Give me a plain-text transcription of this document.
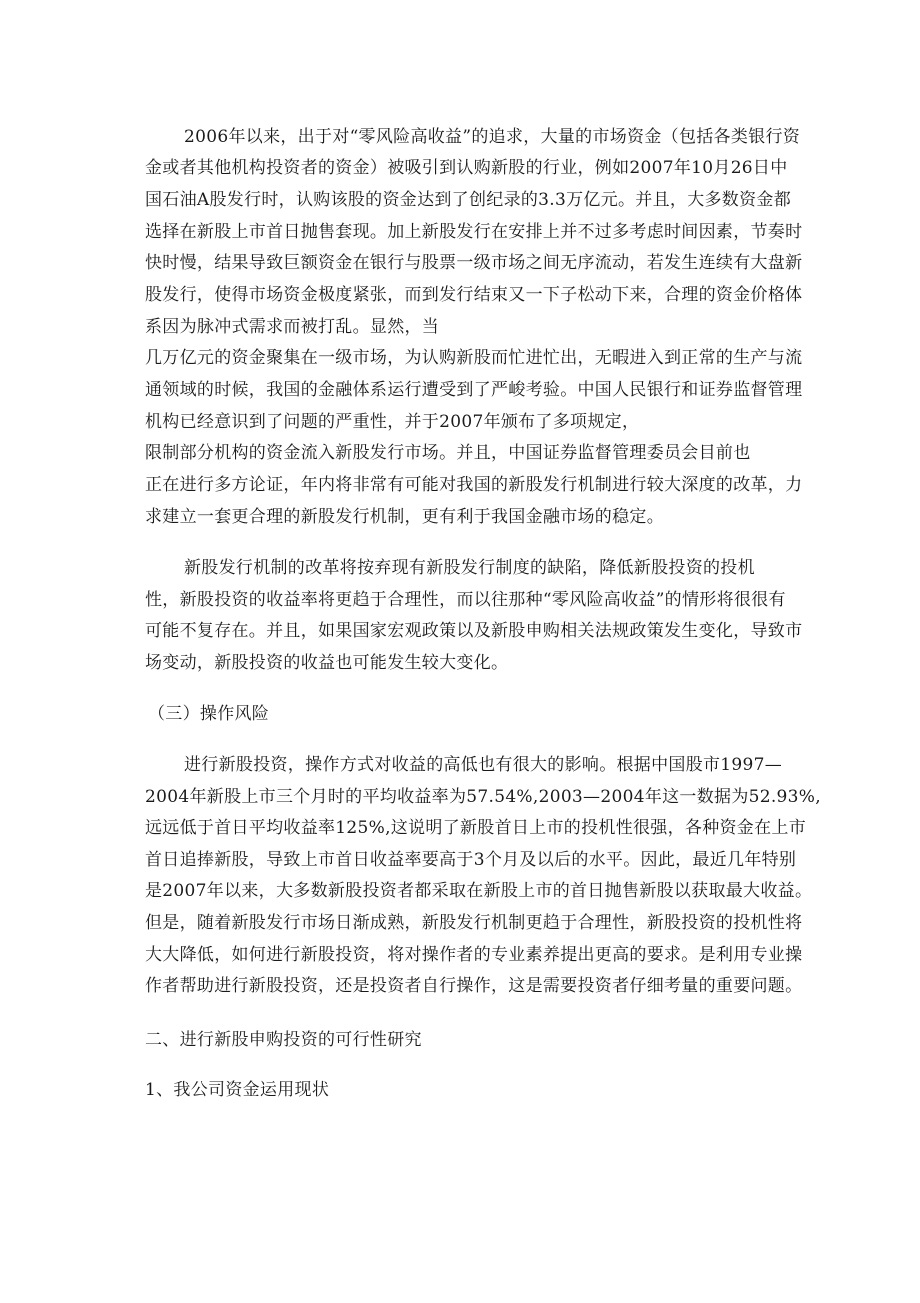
2006年以来，出于对“零风险高收益”的追求，大量的市场资金（包括各类银行资
金或者其他机构投资者的资金）被吸引到认购新股的行业，例如2007年10月26日中
国石油A股发行时，认购该股的资金达到了创纪录的3.3万亿元。并且，大多数资金都
选择在新股上市首日抛售套现。加上新股发行在安排上并不过多考虑时间因素，节奏时
快时慢，结果导致巨额资金在银行与股票一级市场之间无序流动，若发生连续有大盘新
股发行，使得市场资金极度紧张，而到发行结束又一下子松动下来，合理的资金价格体
系因为脉冲式需求而被打乱。显然，当
几万亿元的资金聚集在一级市场，为认购新股而忙进忙出，无暇进入到正常的生产与流
通领域的时候，我国的金融体系运行遭受到了严峻考验。中国人民银行和证券监督管理
机构已经意识到了问题的严重性，并于2007年颁布了多项规定，
限制部分机构的资金流入新股发行市场。并且，中国证券监督管理委员会目前也
正在进行多方论证，年内将非常有可能对我国的新股发行机制进行较大深度的改革，力
求建立一套更合理的新股发行机制，更有利于我国金融市场的稳定。
新股发行机制的改革将按弃现有新股发行制度的缺陷，降低新股投资的投机
性，新股投资的收益率将更趋于合理性，而以往那种“零风险高收益”的情形将很很有
可能不复存在。并且，如果国家宏观政策以及新股申购相关法规政策发生变化，导致市
场变动，新股投资的收益也可能发生较大变化。
（三）操作风险
进行新股投资，操作方式对收益的高低也有很大的影响。根据中国股市1997—
2004年新股上市三个月时的平均收益率为57.54%,2003—2004年这一数据为52.93%,
远远低于首日平均收益率125%,这说明了新股首日上市的投机性很强，各种资金在上市
首日追捧新股，导致上市首日收益率要高于3个月及以后的水平。因此，最近几年特别
是2007年以来，大多数新股投资者都采取在新股上市的首日抛售新股以获取最大收益。
但是，随着新股发行市场日渐成熟，新股发行机制更趋于合理性，新股投资的投机性将
大大降低，如何进行新股投资，将对操作者的专业素养提出更高的要求。是利用专业操
作者帮助进行新股投资，还是投资者自行操作，这是需要投资者仔细考量的重要问题。
二、进行新股申购投资的可行性研究
1、我公司资金运用现状
